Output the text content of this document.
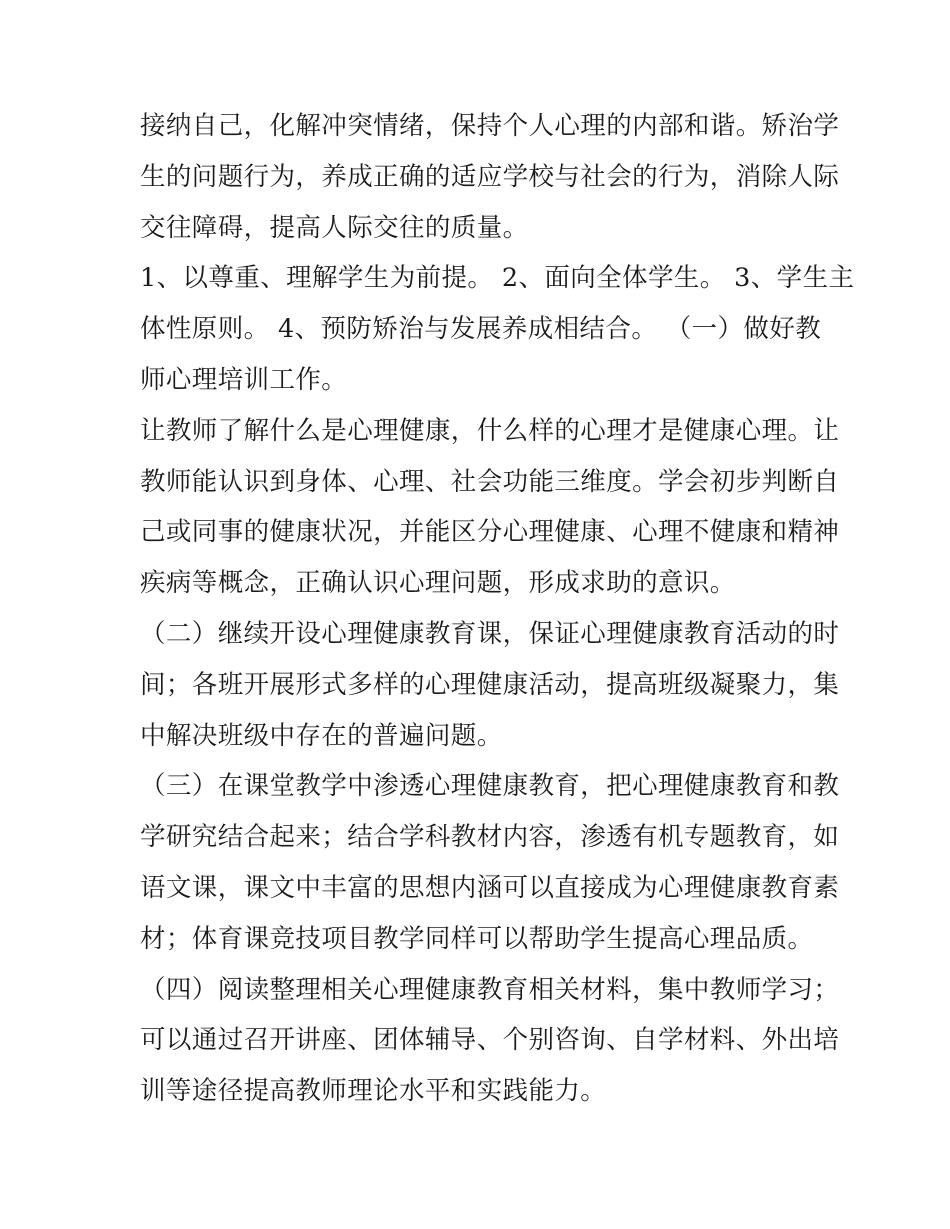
接纳自己，化解冲突情绪，保持个人心理的内部和谐。矫治学
生的问题行为，养成正确的适应学校与社会的行为，消除人际
交往障碍，提高人际交往的质量。
1、以尊重、理解学生为前提。 2、面向全体学生。 3、学生主
体性原则。 4、预防矫治与发展养成相结合。 （一）做好教
师心理培训工作。
让教师了解什么是心理健康，什么样的心理才是健康心理。让
教师能认识到身体、心理、社会功能三维度。学会初步判断自
己或同事的健康状况，并能区分心理健康、心理不健康和精神
疾病等概念，正确认识心理问题，形成求助的意识。
（二）继续开设心理健康教育课，保证心理健康教育活动的时
间；各班开展形式多样的心理健康活动，提高班级凝聚力，集
中解决班级中存在的普遍问题。
（三）在课堂教学中渗透心理健康教育，把心理健康教育和教
学研究结合起来；结合学科教材内容，渗透有机专题教育，如
语文课，课文中丰富的思想内涵可以直接成为心理健康教育素
材；体育课竞技项目教学同样可以帮助学生提高心理品质。
（四）阅读整理相关心理健康教育相关材料，集中教师学习；
可以通过召开讲座、团体辅导、个别咨询、自学材料、外出培
训等途径提高教师理论水平和实践能力。
